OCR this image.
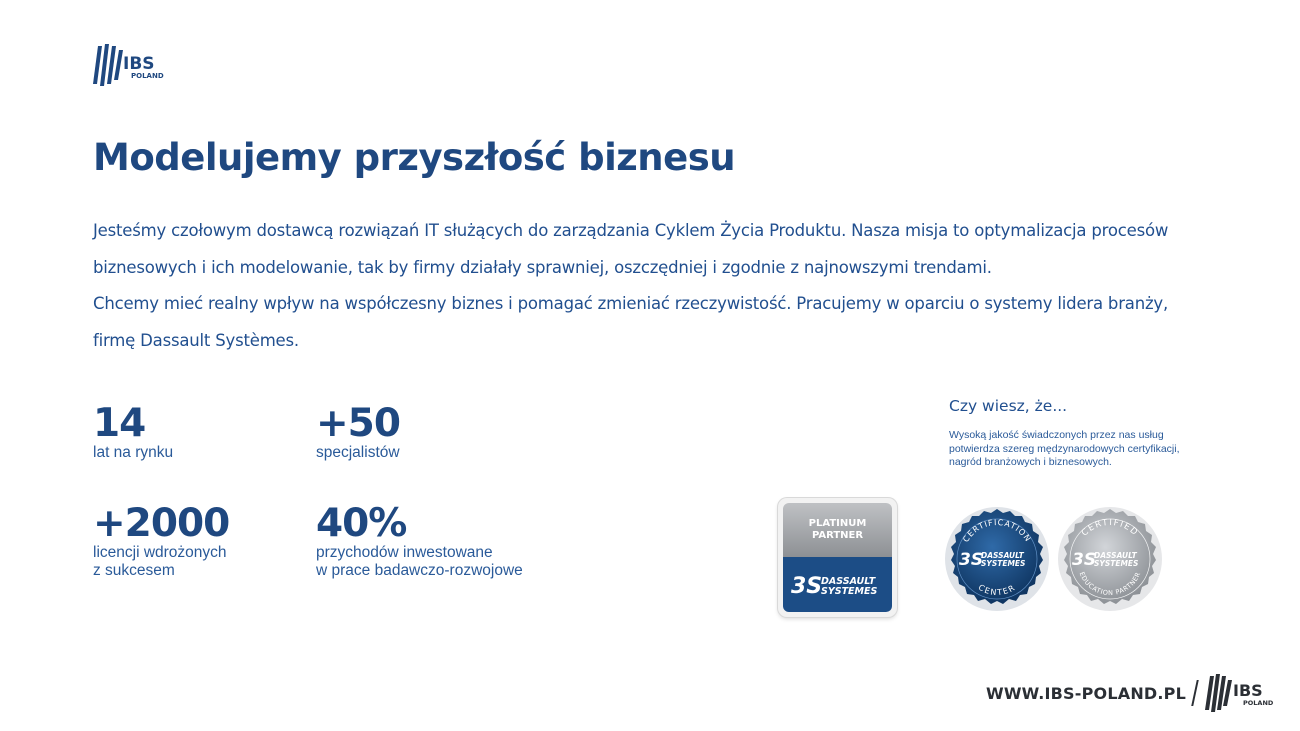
IBS
POLAND
Modelujemy przyszłość biznesu

Jesteśmy czołowym dostawcą rozwiązań IT służących do zarządzania Cyklem Życia Produktu. Nasza misja to optymalizacja procesów biznesowych i ich modelowanie, tak by firmy działały sprawniej, oszczędniej i zgodnie z najnowszymi trendami.

Chcemy mieć realny wpływ na współczesny biznes i pomagać zmieniać rzeczywistość. Pracujemy w oparciu o systemy lidera branży, firmę Dassault Systèmes.

14
lat na rynku
+50
specjalistów
+2000
licencji wdrożonych
z sukcesem
40%
przychodów inwestowane
w prace badawczo-rozwojowe
Czy wiesz, że...
Wysoką jakość świadczonych przez nas usług potwierdza szereg mędzynarodowych certyfikacji, nagród branżowych i biznesowych.
PLATINUM
PARTNER
3S
DASSAULT
SYSTEMES
CERTIFICATION
CENTER
3S
DASSAULT
SYSTEMES
CERTIFIED
EDUCATION PARTNER
3S
DASSAULT
SYSTEMES
WWW.IBS-POLAND.PL	IBS
POLAND
